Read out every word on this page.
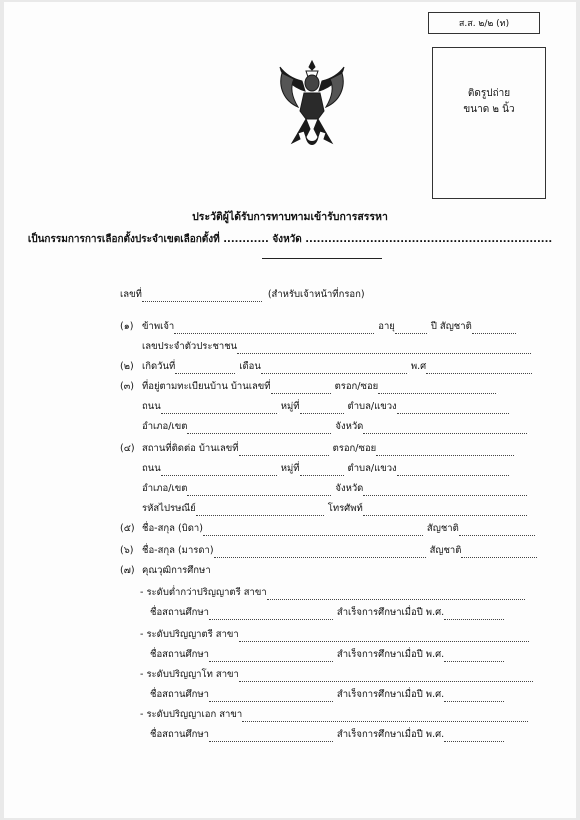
ส.ส. ๒/๒ (ท)
ติดรูปถ่าย
ขนาด ๒ นิ้ว
ประวัติผู้ได้รับการทาบทามเข้ารับการสรรหา
เป็นกรรมการการเลือกตั้งประจำเขตเลือกตั้งที่ ............ จังหวัด .................................................................
เลขที่	(สำหรับเจ้าหน้าที่กรอก)
(๑) ข้าพเจ้า	อายุ	ปี สัญชาติ
เลขประจำตัวประชาชน
(๒) เกิดวันที่	เดือน	พ.ศ
(๓) ที่อยู่ตามทะเบียนบ้าน บ้านเลขที่	ตรอก/ซอย
ถนน	หมู่ที่	ตำบล/แขวง
อำเภอ/เขต	จังหวัด
(๔) สถานที่ติดต่อ บ้านเลขที่	ตรอก/ซอย
ถนน	หมู่ที่	ตำบล/แขวง
อำเภอ/เขต	จังหวัด
รหัสไปรษณีย์	โทรศัพท์
(๕) ชื่อ-สกุล (บิดา)	สัญชาติ
(๖) ชื่อ-สกุล (มารดา)	สัญชาติ
(๗) คุณวุฒิการศึกษา
- ระดับต่ำกว่าปริญญาตรี สาขา
ชื่อสถานศึกษา	สำเร็จการศึกษาเมื่อปี พ.ศ.
- ระดับปริญญาตรี สาขา
ชื่อสถานศึกษา	สำเร็จการศึกษาเมื่อปี พ.ศ.
- ระดับปริญญาโท สาขา
ชื่อสถานศึกษา	สำเร็จการศึกษาเมื่อปี พ.ศ.
- ระดับปริญญาเอก สาขา
ชื่อสถานศึกษา	สำเร็จการศึกษาเมื่อปี พ.ศ.
